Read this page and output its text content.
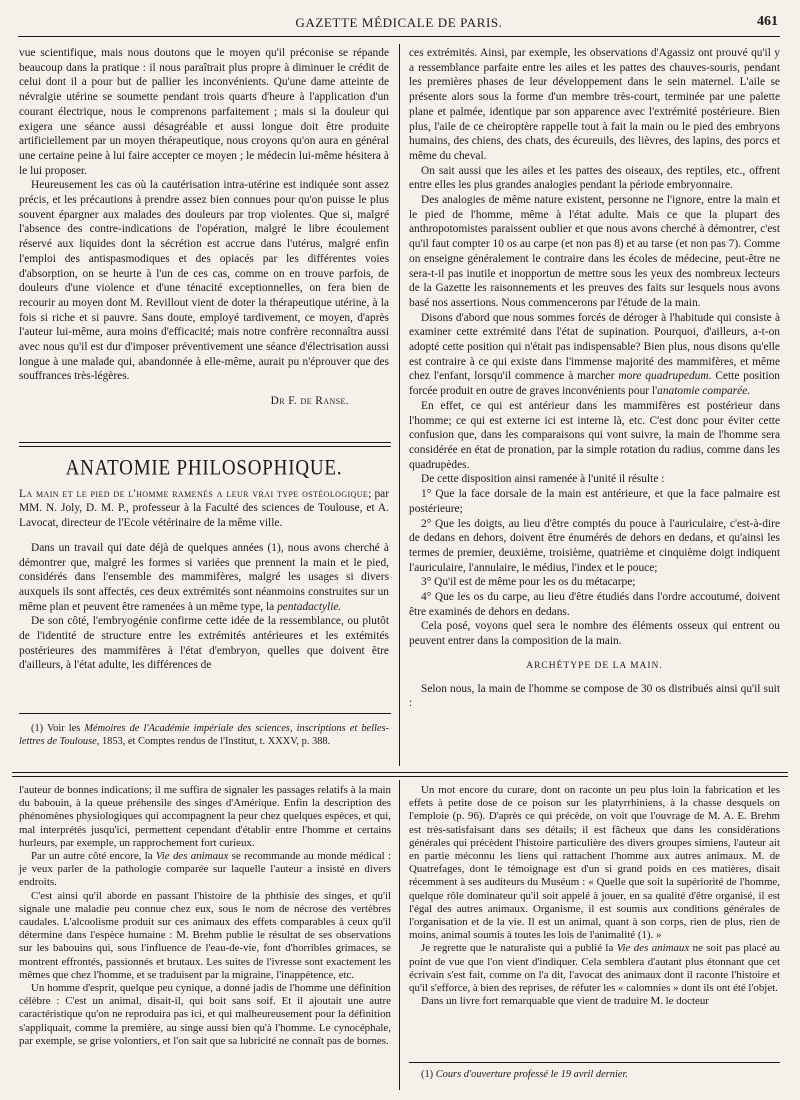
GAZETTE MÉDICALE DE PARIS.	461

vue scientifique, mais nous doutons que le moyen qu'il préconise se répande beaucoup dans la pratique : il nous paraîtrait plus propre à diminuer le crédit de celui dont il a pour but de pallier les inconvénients. Qu'une dame atteinte de névralgie utérine se soumette pendant trois quarts d'heure à l'application d'un courant électrique, nous le comprenons parfaitement ; mais si la douleur qui exigera une séance aussi désagréable et aussi longue doit être produite artificiellement par un moyen thérapeutique, nous croyons qu'on aura en général une certaine peine à lui faire accepter ce moyen ; le médecin lui-même hésitera à le lui proposer.

Heureusement les cas où la cautérisation intra-utérine est indiquée sont assez précis, et les précautions à prendre assez bien connues pour qu'on puisse le plus souvent épargner aux malades des douleurs par trop violentes. Que si, malgré l'absence des contre-indications de l'opération, malgré le libre écoulement réservé aux liquides dont la sécrétion est accrue dans l'utérus, malgré enfin l'emploi des antispasmodiques et des opiacés par les différentes voies d'absorption, on se heurte à l'un de ces cas, comme on en trouve parfois, de douleurs d'une violence et d'une ténacité exceptionnelles, on fera bien de recourir au moyen dont M. Revillout vient de doter la thérapeutique utérine, à la fois si riche et si pauvre. Sans doute, employé tardivement, ce moyen, d'après l'auteur lui-même, aura moins d'efficacité; mais notre confrère reconnaîtra aussi avec nous qu'il est dur d'imposer préventivement une séance d'électrisation aussi longue à une malade qui, abandonnée à elle-même, aurait pu n'éprouver que des souffrances très-légères.

Dr F. de Ranse.
ANATOMIE PHILOSOPHIQUE.

La main et le pied de l'homme ramenés a leur vrai type ostéologique; par MM. N. Joly, D. M. P., professeur à la Faculté des sciences de Toulouse, et A. Lavocat, directeur de l'Ecole vétérinaire de la même ville.

Dans un travail qui date déjà de quelques années (1), nous avons cherché à démontrer que, malgré les formes si variées que prennent la main et le pied, considérés dans l'ensemble des mammifères, malgré les usages si divers auxquels ils sont affectés, ces deux extrémités sont néanmoins construites sur un même plan et peuvent être ramenées à un même type, la pentadactylie.

De son côté, l'embryogénie confirme cette idée de la ressemblance, ou plutôt de l'identité de structure entre les extrémités antérieures et les extémités postérieures des mammifères à l'état d'embryon, quelles que doivent être d'ailleurs, à l'état adulte, les différences de

(1) Voir les Mémoires de l'Académie impériale des sciences, inscriptions et belles-lettres de Toulouse, 1853, et Comptes rendus de l'Institut, t. XXXV, p. 388.

ces extrémités. Ainsi, par exemple, les observations d'Agassiz ont prouvé qu'il y a ressemblance parfaite entre les ailes et les pattes des chauves-souris, pendant les premières phases de leur développement dans le sein maternel. L'aile se présente alors sous la forme d'un membre très-court, terminée par une palette plane et palmée, identique par son apparence avec l'extrémité postérieure. Bien plus, l'aile de ce cheiroptère rappelle tout à fait la main ou le pied des embryons humains, des chiens, des chats, des écureuils, des lièvres, des lapins, des porcs et même du cheval.

On sait aussi que les ailes et les pattes des oiseaux, des reptiles, etc., offrent entre elles les plus grandes analogies pendant la période embryonnaire.

Des analogies de même nature existent, personne ne l'ignore, entre la main et le pied de l'homme, même à l'état adulte. Mais ce que la plupart des anthropotomistes paraissent oublier et que nous avons cherché à démontrer, c'est qu'il faut compter 10 os au carpe (et non pas 8) et au tarse (et non pas 7). Comme on enseigne généralement le contraire dans les écoles de médecine, peut-être ne sera-t-il pas inutile et inopportun de mettre sous les yeux des nombreux lecteurs de la Gazette les raisonnements et les preuves des faits sur lesquels nous avons basé nos assertions. Nous commencerons par l'étude de la main.

Disons d'abord que nous sommes forcés de déroger à l'habitude qui consiste à examiner cette extrémité dans l'état de supination. Pourquoi, d'ailleurs, a-t-on adopté cette position qui n'était pas indispensable? Bien plus, nous disons qu'elle est contraire à ce qui existe dans l'immense majorité des mammifères, et même chez l'enfant, lorsqu'il commence à marcher more quadrupedum. Cette position forcée produit en outre de graves inconvénients pour l'anatomie comparée.

En effet, ce qui est antérieur dans les mammifères est postérieur dans l'homme; ce qui est externe ici est interne là, etc. C'est donc pour éviter cette confusion que, dans les comparaisons qui vont suivre, la main de l'homme sera considérée en état de pronation, par la simple rotation du radius, comme dans les quadrupèdes.

De cette disposition ainsi ramenée à l'unité il résulte :

1° Que la face dorsale de la main est antérieure, et que la face palmaire est postérieure;

2° Que les doigts, au lieu d'être comptés du pouce à l'auriculaire, c'est-à-dire de dedans en dehors, doivent être énumérés de dehors en dedans, et qu'ainsi les termes de premier, deuxième, troisième, quatrième et cinquième doigt indiquent l'auriculaire, l'annulaire, le médius, l'index et le pouce;

3° Qu'il est de même pour les os du métacarpe;

4° Que les os du carpe, au lieu d'être étudiés dans l'ordre accoutumé, doivent être examinés de dehors en dedans.

Cela posé, voyons quel sera le nombre des éléments osseux qui entrent ou peuvent entrer dans la composition de la main.

ARCHÉTYPE DE LA MAIN.

Selon nous, la main de l'homme se compose de 30 os distribués ainsi qu'il suit :

l'auteur de bonnes indications; il me suffira de signaler les passages relatifs à la main du babouin, à la queue préhensile des singes d'Amérique. Enfin la description des phénomènes physiologiques qui accompagnent la peur chez quelques espèces, et qui, mal interprétés jusqu'ici, permettent cependant d'établir entre l'homme et certains hurleurs, par exemple, un rapprochement fort curieux.

Par un autre côté encore, la Vie des animaux se recommande au monde médical : je veux parler de la pathologie comparée sur laquelle l'auteur a insisté en divers endroits.

C'est ainsi qu'il aborde en passant l'histoire de la phthisie des singes, et qu'il signale une maladie peu connue chez eux, sous le nom de nécrose des vertèbres caudales. L'alcoolisme produit sur ces animaux des effets comparables à ceux qu'il détermine dans l'espèce humaine : M. Brehm publie le résultat de ses observations sur les babouins qui, sous l'influence de l'eau-de-vie, font d'horribles grimaces, se montrent effrontés, passionnés et brutaux. Les suites de l'ivresse sont exactement les mêmes que chez l'homme, et se traduisent par la migraine, l'inappétence, etc.

Un homme d'esprit, quelque peu cynique, a donné jadis de l'homme une définition célèbre : C'est un animal, disait-il, qui boit sans soif. Et il ajoutait une autre caractéristique qu'on ne reproduira pas ici, et qui malheureusement pour la définition s'appliquait, comme la première, au singe aussi bien qu'à l'homme. Le cynocéphale, par exemple, se grise volontiers, et l'on sait que sa lubricité ne connaît pas de bornes.

Un mot encore du curare, dont on raconte un peu plus loin la fabrication et les effets à petite dose de ce poison sur les platyrrhiniens, à la chasse desquels on l'emploie (p. 96). D'après ce qui précède, on voit que l'ouvrage de M. A. E. Brehm est très-satisfaisant dans ses détails; il est fâcheux que dans les considérations générales qui précèdent l'histoire particulière des divers groupes simiens, l'auteur ait en partie méconnu les liens qui rattachent l'homme aux autres animaux. M. de Quatrefages, dont le témoignage est d'un si grand poids en ces matières, disait récemment à ses auditeurs du Muséum : « Quelle que soit la supériorité de l'homme, quelque rôle dominateur qu'il soit appelé à jouer, en sa qualité d'être organisé, il est l'égal des autres animaux. Organisme, il est soumis aux conditions générales de l'organisation et de la vie. Il est un animal, quant à son corps, rien de plus, rien de moins, animal soumis à toutes les lois de l'animalité (1). »

Je regrette que le naturaliste qui a publié la Vie des animaux ne soit pas placé au point de vue que l'on vient d'indiquer. Cela semblera d'autant plus étonnant que cet écrivain s'est fait, comme on l'a dit, l'avocat des animaux dont il raconte l'histoire et qu'il s'efforce, à bien des reprises, de réfuter les « calomnies » dont ils ont été l'objet.

Dans un livre fort remarquable que vient de traduire M. le docteur

(1) Cours d'ouverture professé le 19 avril dernier.
